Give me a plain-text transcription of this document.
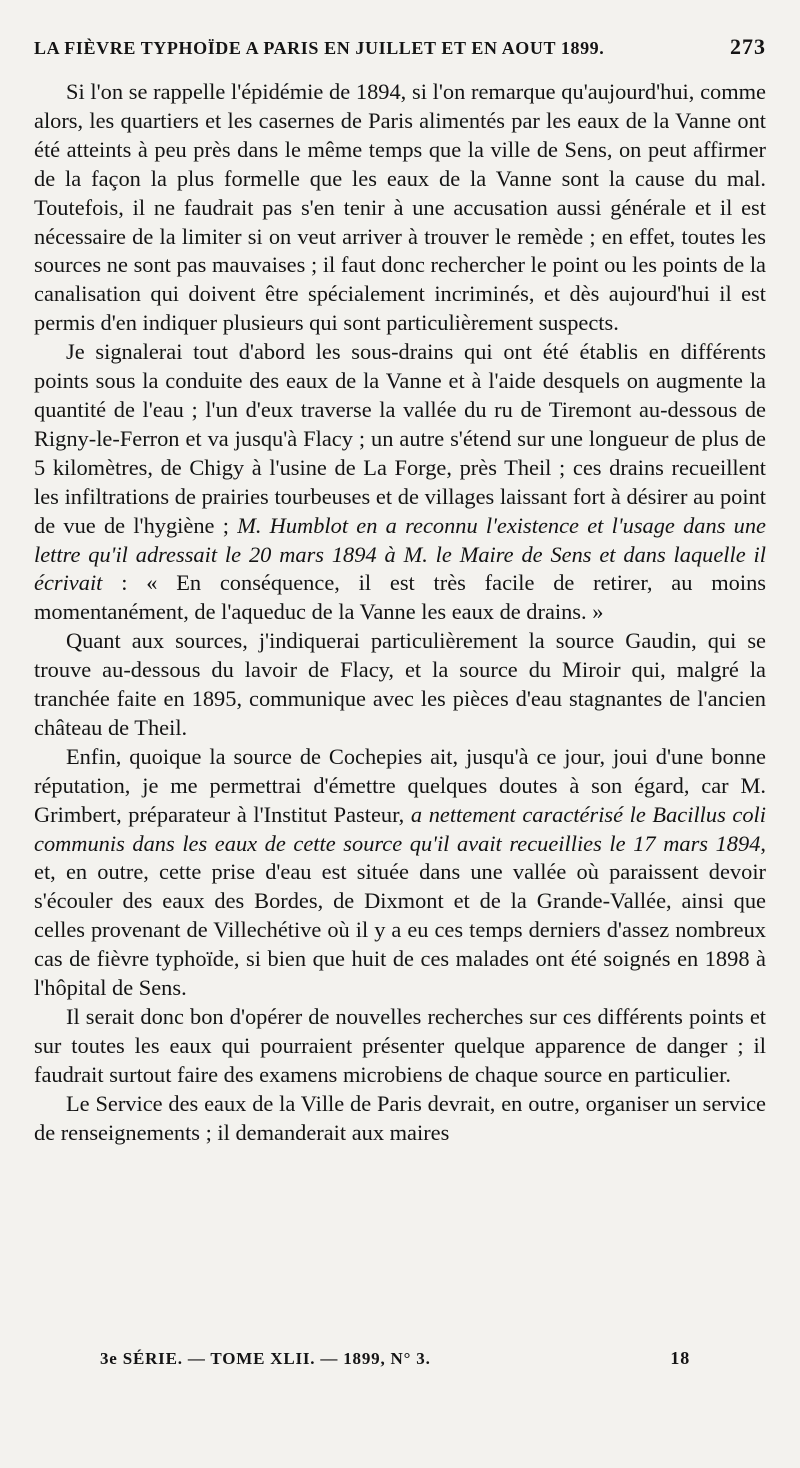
LA FIÈVRE TYPHOÏDE A PARIS EN JUILLET ET EN AOUT 1899.	273

Si l'on se rappelle l'épidémie de 1894, si l'on remarque qu'aujourd'hui, comme alors, les quartiers et les casernes de Paris alimentés par les eaux de la Vanne ont été atteints à peu près dans le même temps que la ville de Sens, on peut affirmer de la façon la plus formelle que les eaux de la Vanne sont la cause du mal. Toutefois, il ne faudrait pas s'en tenir à une accusation aussi générale et il est nécessaire de la limiter si on veut arriver à trouver le remède ; en effet, toutes les sources ne sont pas mauvaises ; il faut donc rechercher le point ou les points de la canalisation qui doivent être spécialement incriminés, et dès aujourd'hui il est permis d'en indiquer plusieurs qui sont particulièrement suspects.

Je signalerai tout d'abord les sous-drains qui ont été établis en différents points sous la conduite des eaux de la Vanne et à l'aide desquels on augmente la quantité de l'eau ; l'un d'eux traverse la vallée du ru de Tiremont au-dessous de Rigny-le-Ferron et va jusqu'à Flacy ; un autre s'étend sur une longueur de plus de 5 kilomètres, de Chigy à l'usine de La Forge, près Theil ; ces drains recueillent les infiltrations de prairies tourbeuses et de villages laissant fort à désirer au point de vue de l'hygiène ; M. Humblot en a reconnu l'existence et l'usage dans une lettre qu'il adressait le 20 mars 1894 à M. le Maire de Sens et dans laquelle il écrivait : « En conséquence, il est très facile de retirer, au moins momentanément, de l'aqueduc de la Vanne les eaux de drains. »

Quant aux sources, j'indiquerai particulièrement la source Gaudin, qui se trouve au-dessous du lavoir de Flacy, et la source du Miroir qui, malgré la tranchée faite en 1895, communique avec les pièces d'eau stagnantes de l'ancien château de Theil.

Enfin, quoique la source de Cochepies ait, jusqu'à ce jour, joui d'une bonne réputation, je me permettrai d'émettre quelques doutes à son égard, car M. Grimbert, préparateur à l'Institut Pasteur, a nettement caractérisé le Bacillus coli communis dans les eaux de cette source qu'il avait recueillies le 17 mars 1894, et, en outre, cette prise d'eau est située dans une vallée où paraissent devoir s'écouler des eaux des Bordes, de Dixmont et de la Grande-Vallée, ainsi que celles provenant de Villechétive où il y a eu ces temps derniers d'assez nombreux cas de fièvre typhoïde, si bien que huit de ces malades ont été soignés en 1898 à l'hôpital de Sens.

Il serait donc bon d'opérer de nouvelles recherches sur ces différents points et sur toutes les eaux qui pourraient présenter quelque apparence de danger ; il faudrait surtout faire des examens microbiens de chaque source en particulier.

Le Service des eaux de la Ville de Paris devrait, en outre, organiser un service de renseignements ; il demanderait aux maires

3e SÉRIE. — TOME XLII. — 1899, N° 3.	18
